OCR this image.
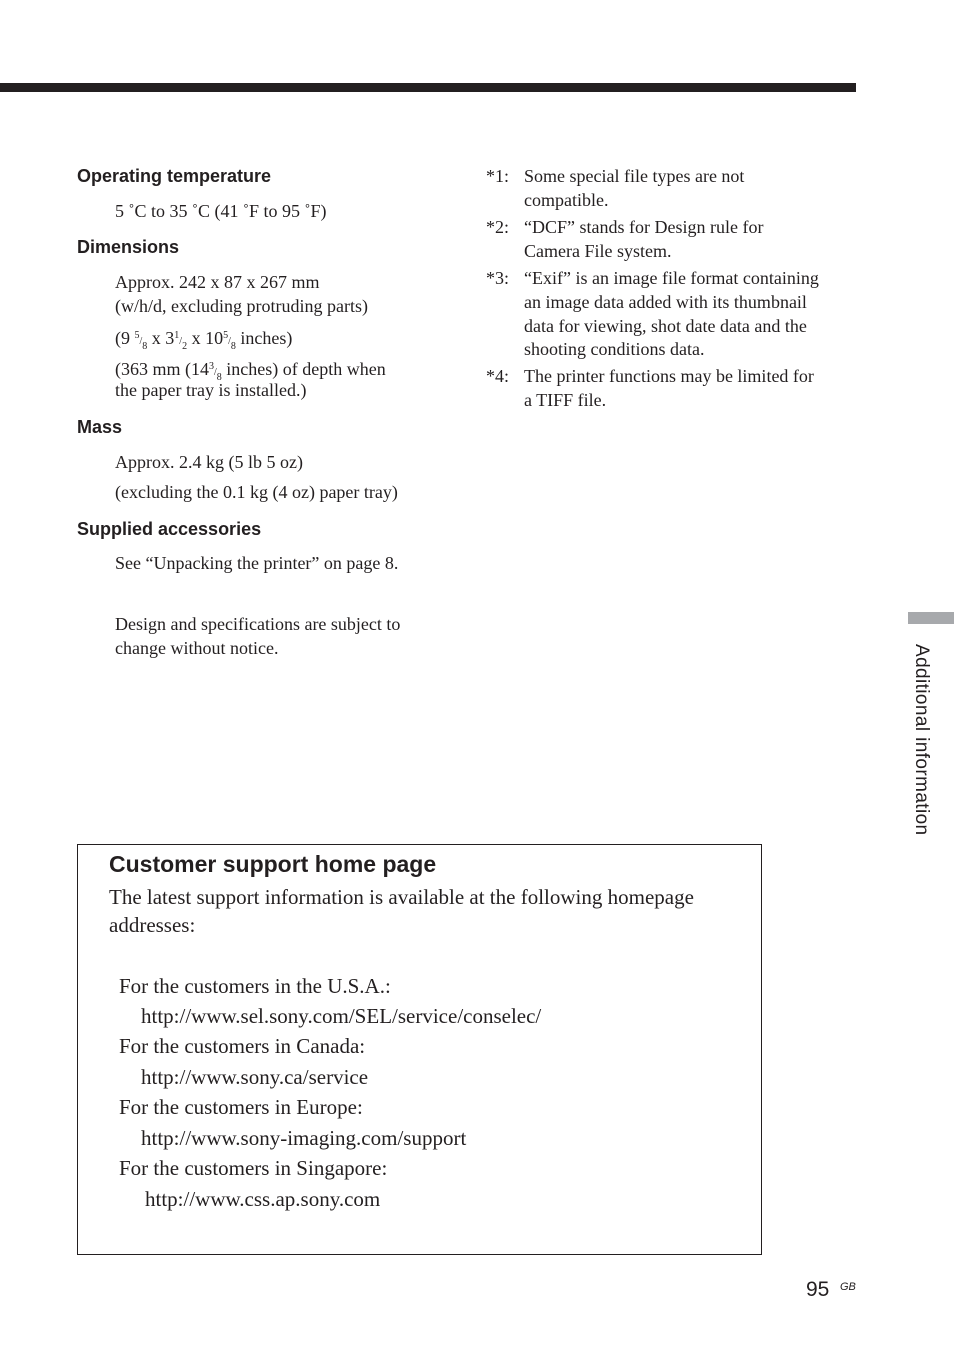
Operating temperature
5 ˚C to 35 ˚C (41 ˚F to 95 ˚F)
Dimensions
Approx. 242 x 87 x 267 mm
(w/h/d, excluding protruding parts)
(9 $^5/_8$ x $3^1/_2$ x $10^5/_8$ inches)
(363 mm ($14^3/_8$ inches) of depth when
the paper tray is installed.)
Mass
Approx. 2.4 kg (5 lb 5 oz)
(excluding the 0.1 kg (4 oz) paper tray)
Supplied accessories
See “Unpacking the printer” on page 8.
Design and specifications are subject to
change without notice.
*1: Some special file types are not
compatible.
*2: “DCF” stands for Design rule for
Camera File system.
*3: “Exif” is an image file format containing
an image data added with its thumbnail
data for viewing, shot date data and the
shooting conditions data.
*4: The printer functions may be limited for
a TIFF file.
Additional information
Customer support home page
The latest support information is available at the following homepage
addresses:
For the customers in the U.S.A.:
http://www.sel.sony.com/SEL/service/conselec/
For the customers in Canada:
http://www.sony.ca/service
For the customers in Europe:
http://www.sony-imaging.com/support
For the customers in Singapore:
http://www.css.ap.sony.com
95 GB
